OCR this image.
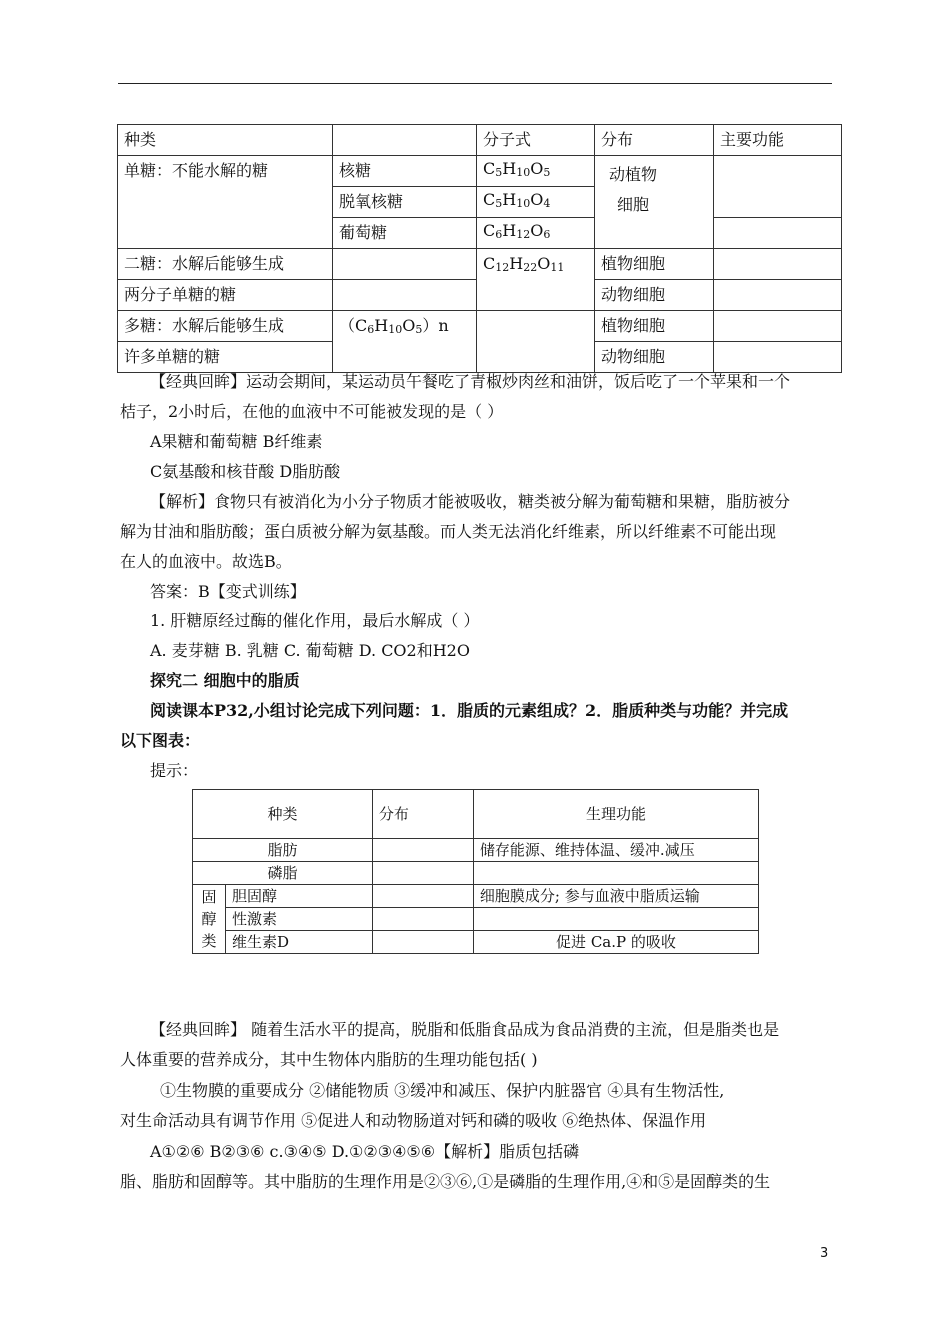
种类		分子式	分布	主要功能
单糖：不能水解的糖	核糖	C5H10O5	动植物
细胞	

	脱氧核糖	C5H10O4		
	葡萄糖	C6H12O6		
二糖：水解后能够生成		C12H22O11	植物细胞	
两分子单糖的糖			动物细胞	
多糖：水解后能够生成	（C6H10O5）n		植物细胞	
许多单糖的糖			动物细胞	
【经典回眸】运动会期间，某运动员午餐吃了青椒炒肉丝和油饼，饭后吃了一个苹果和一个
桔子，2小时后，在他的血液中不可能被发现的是（ ）
A果糖和葡萄糖 B纤维素
C氨基酸和核苷酸 D脂肪酸
【解析】食物只有被消化为小分子物质才能被吸收，糖类被分解为葡萄糖和果糖，脂肪被分
解为甘油和脂肪酸；蛋白质被分解为氨基酸。而人类无法消化纤维素，所以纤维素不可能出现
在人的血液中。故选B。
答案：B【变式训练】
1. 肝糖原经过酶的催化作用，最后水解成（ ）
A. 麦芽糖 B. 乳糖 C. 葡萄糖 D. CO2和H2O
探究二 细胞中的脂质
阅读课本P32,小组讨论完成下列问题：1．脂质的元素组成？2．脂质种类与功能？并完成
以下图表：
提示：
种类		分布	生理功能
脂肪			储存能源、维持体温、缓冲.减压
磷脂			

固
醇
类	胆固醇		细胞膜成分; 参与血液中脂质运输
	性激素		
	维生素D		促进 Ca.P 的吸收
【经典回眸】 随着生活水平的提高，脱脂和低脂食品成为食品消费的主流，但是脂类也是
人体重要的营养成分，其中生物体内脂肪的生理功能包括( )
①生物膜的重要成分 ②储能物质 ③缓冲和减压、保护内脏器官 ④具有生物活性,
对生命活动具有调节作用 ⑤促进人和动物肠道对钙和磷的吸收 ⑥绝热体、保温作用
A①②⑥ B②③⑥ c.③④⑤ D.①②③④⑤⑥【解析】脂质包括磷
脂、脂肪和固醇等。其中脂肪的生理作用是②③⑥,①是磷脂的生理作用,④和⑤是固醇类的生
3
